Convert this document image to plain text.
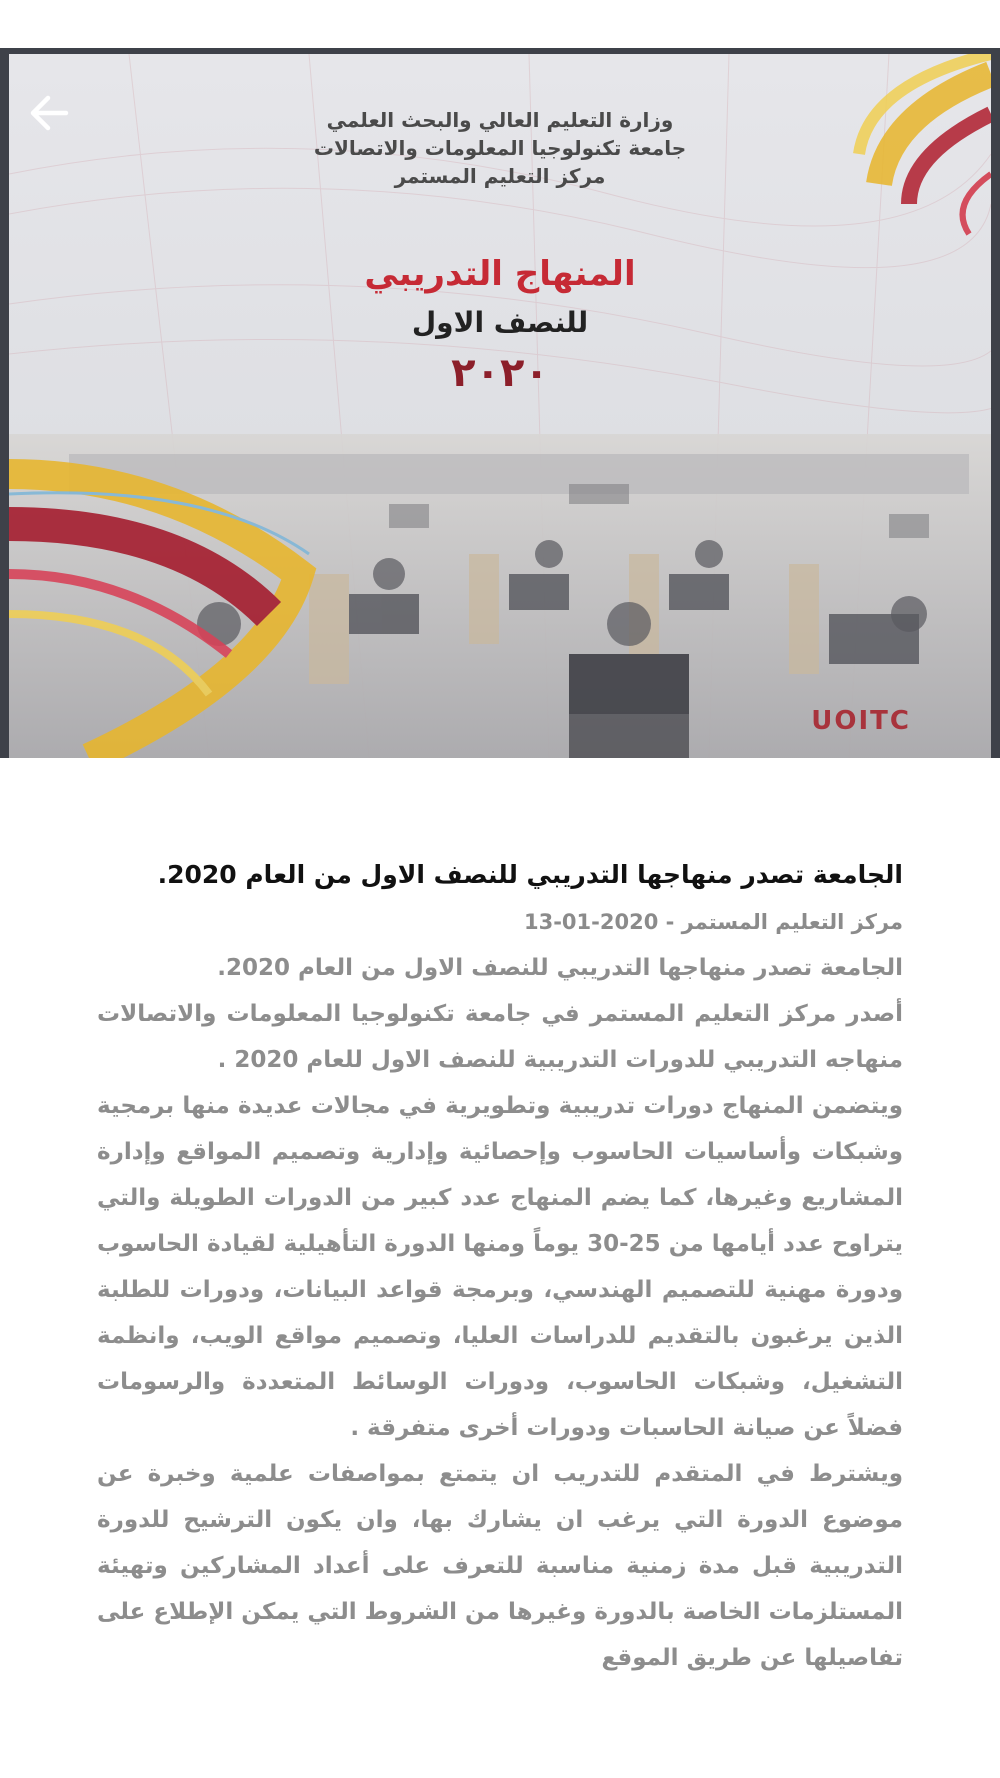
وزارة التعليم العالي والبحث العلمي
جامعة تكنولوجيا المعلومات والاتصالات
مركز التعليم المستمر
المنهاج التدريبي
للنصف الاول
٢٠٢٠
UOITC
الجامعة تصدر منهاجها التدريبي للنصف الاول من العام 2020.
مركز التعليم المستمر - 2020-01-13

الجامعة تصدر منهاجها التدريبي للنصف الاول من العام 2020.

أصدر مركز التعليم المستمر في جامعة تكنولوجيا المعلومات والاتصالات منهاجه التدريبي للدورات التدريبية للنصف الاول للعام 2020 .

ويتضمن المنهاج دورات تدريبية وتطويرية في مجالات عديدة منها برمجية وشبكات وأساسيات الحاسوب وإحصائية وإدارية وتصميم المواقع وإدارة المشاريع وغيرها، كما يضم المنهاج عدد كبير من الدورات الطويلة والتي يتراوح عدد أيامها من 25-30 يوماً ومنها الدورة التأهيلية لقيادة الحاسوب ودورة مهنية للتصميم الهندسي، وبرمجة قواعد البيانات، ودورات للطلبة الذين يرغبون بالتقديم للدراسات العليا، وتصميم مواقع الويب، وانظمة التشغيل، وشبكات الحاسوب، ودورات الوسائط المتعددة والرسومات فضلاً عن صيانة الحاسبات ودورات أخرى متفرقة .

ويشترط في المتقدم للتدريب ان يتمتع بمواصفات علمية وخبرة عن موضوع الدورة التي يرغب ان يشارك بها، وان يكون الترشيح للدورة التدريبية قبل مدة زمنية مناسبة للتعرف على أعداد المشاركين وتهيئة المستلزمات الخاصة بالدورة وغيرها من الشروط التي يمكن الإطلاع على تفاصيلها عن طريق الموقع
